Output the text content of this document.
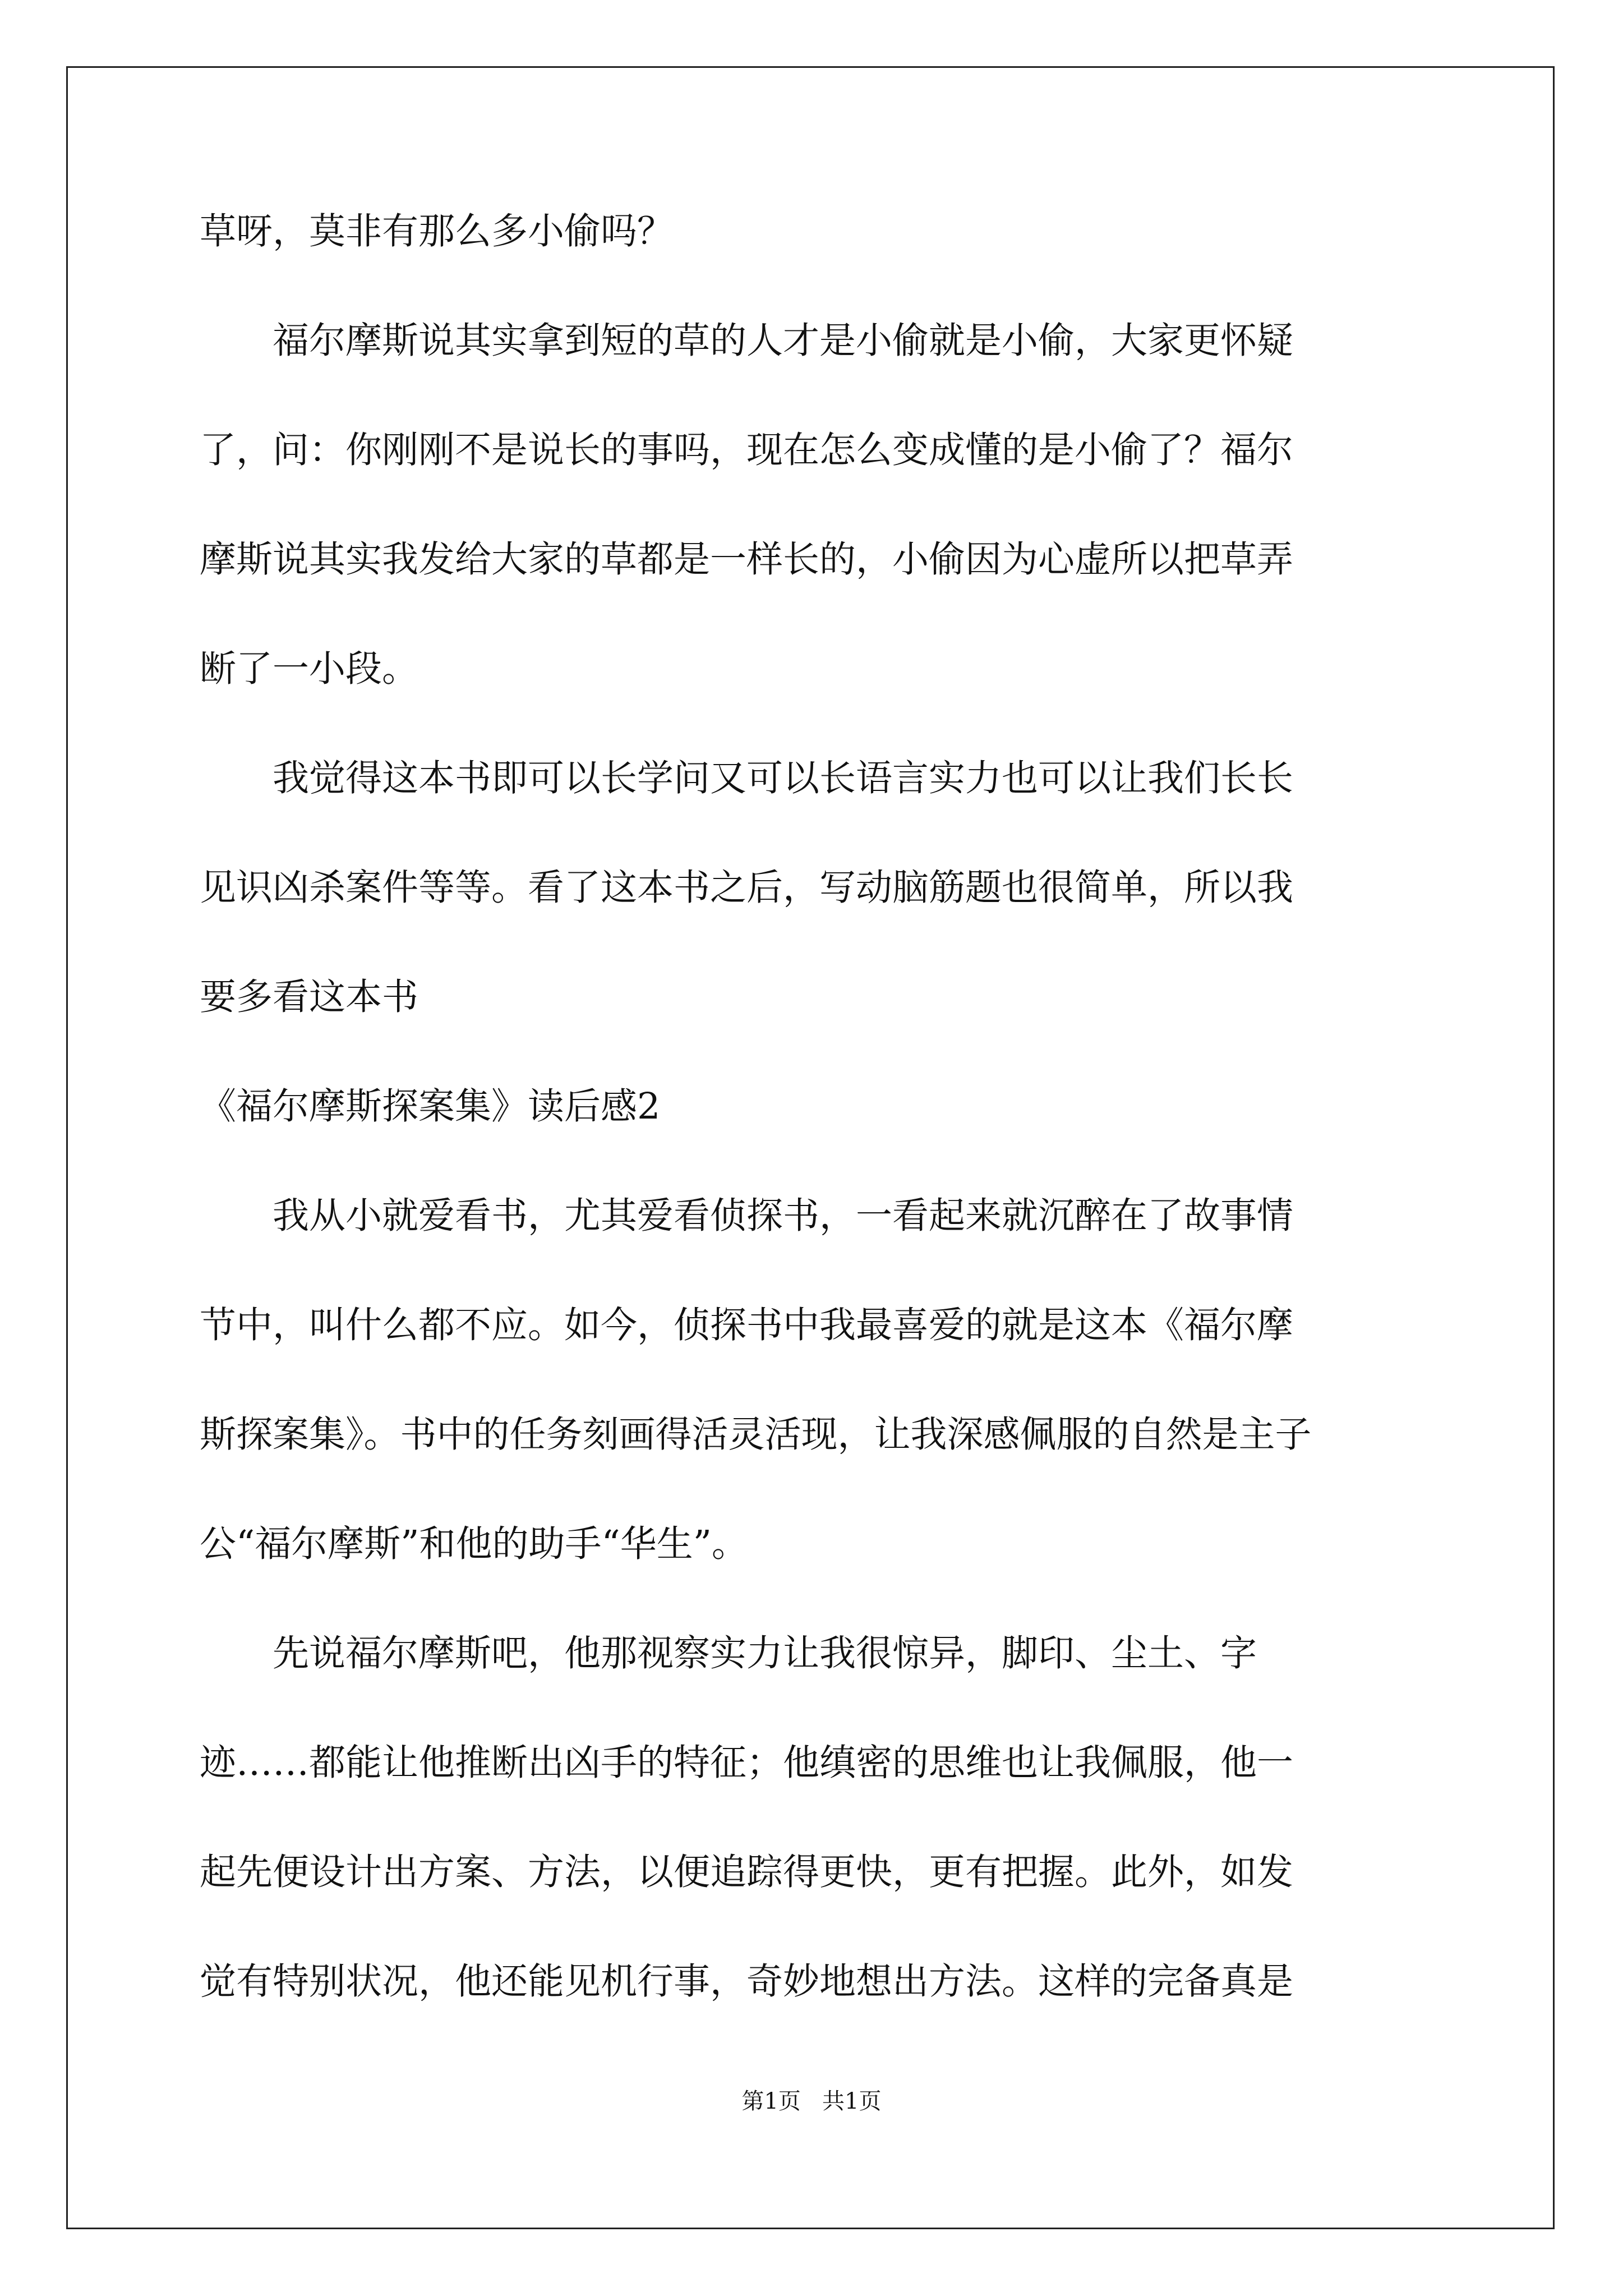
草呀，莫非有那么多小偷吗？
　　福尔摩斯说其实拿到短的草的人才是小偷就是小偷，大家更怀疑
了，问：你刚刚不是说长的事吗，现在怎么变成懂的是小偷了？福尔
摩斯说其实我发给大家的草都是一样长的，小偷因为心虚所以把草弄
断了一小段。
　　我觉得这本书即可以长学问又可以长语言实力也可以让我们长长
见识凶杀案件等等。看了这本书之后，写动脑筋题也很简单，所以我
要多看这本书
《福尔摩斯探案集》读后感2
　　我从小就爱看书，尤其爱看侦探书，一看起来就沉醉在了故事情
节中，叫什么都不应。如今，侦探书中我最喜爱的就是这本《福尔摩
斯探案集》。书中的任务刻画得活灵活现，让我深感佩服的自然是主子
公“福尔摩斯”和他的助手“华生”。
　　先说福尔摩斯吧，他那视察实力让我很惊异，脚印、尘土、字
迹……都能让他推断出凶手的特征；他缜密的思维也让我佩服，他一
起先便设计出方案、方法，以便追踪得更快，更有把握。此外，如发
觉有特别状况，他还能见机行事，奇妙地想出方法。这样的完备真是
第1页   共1页
